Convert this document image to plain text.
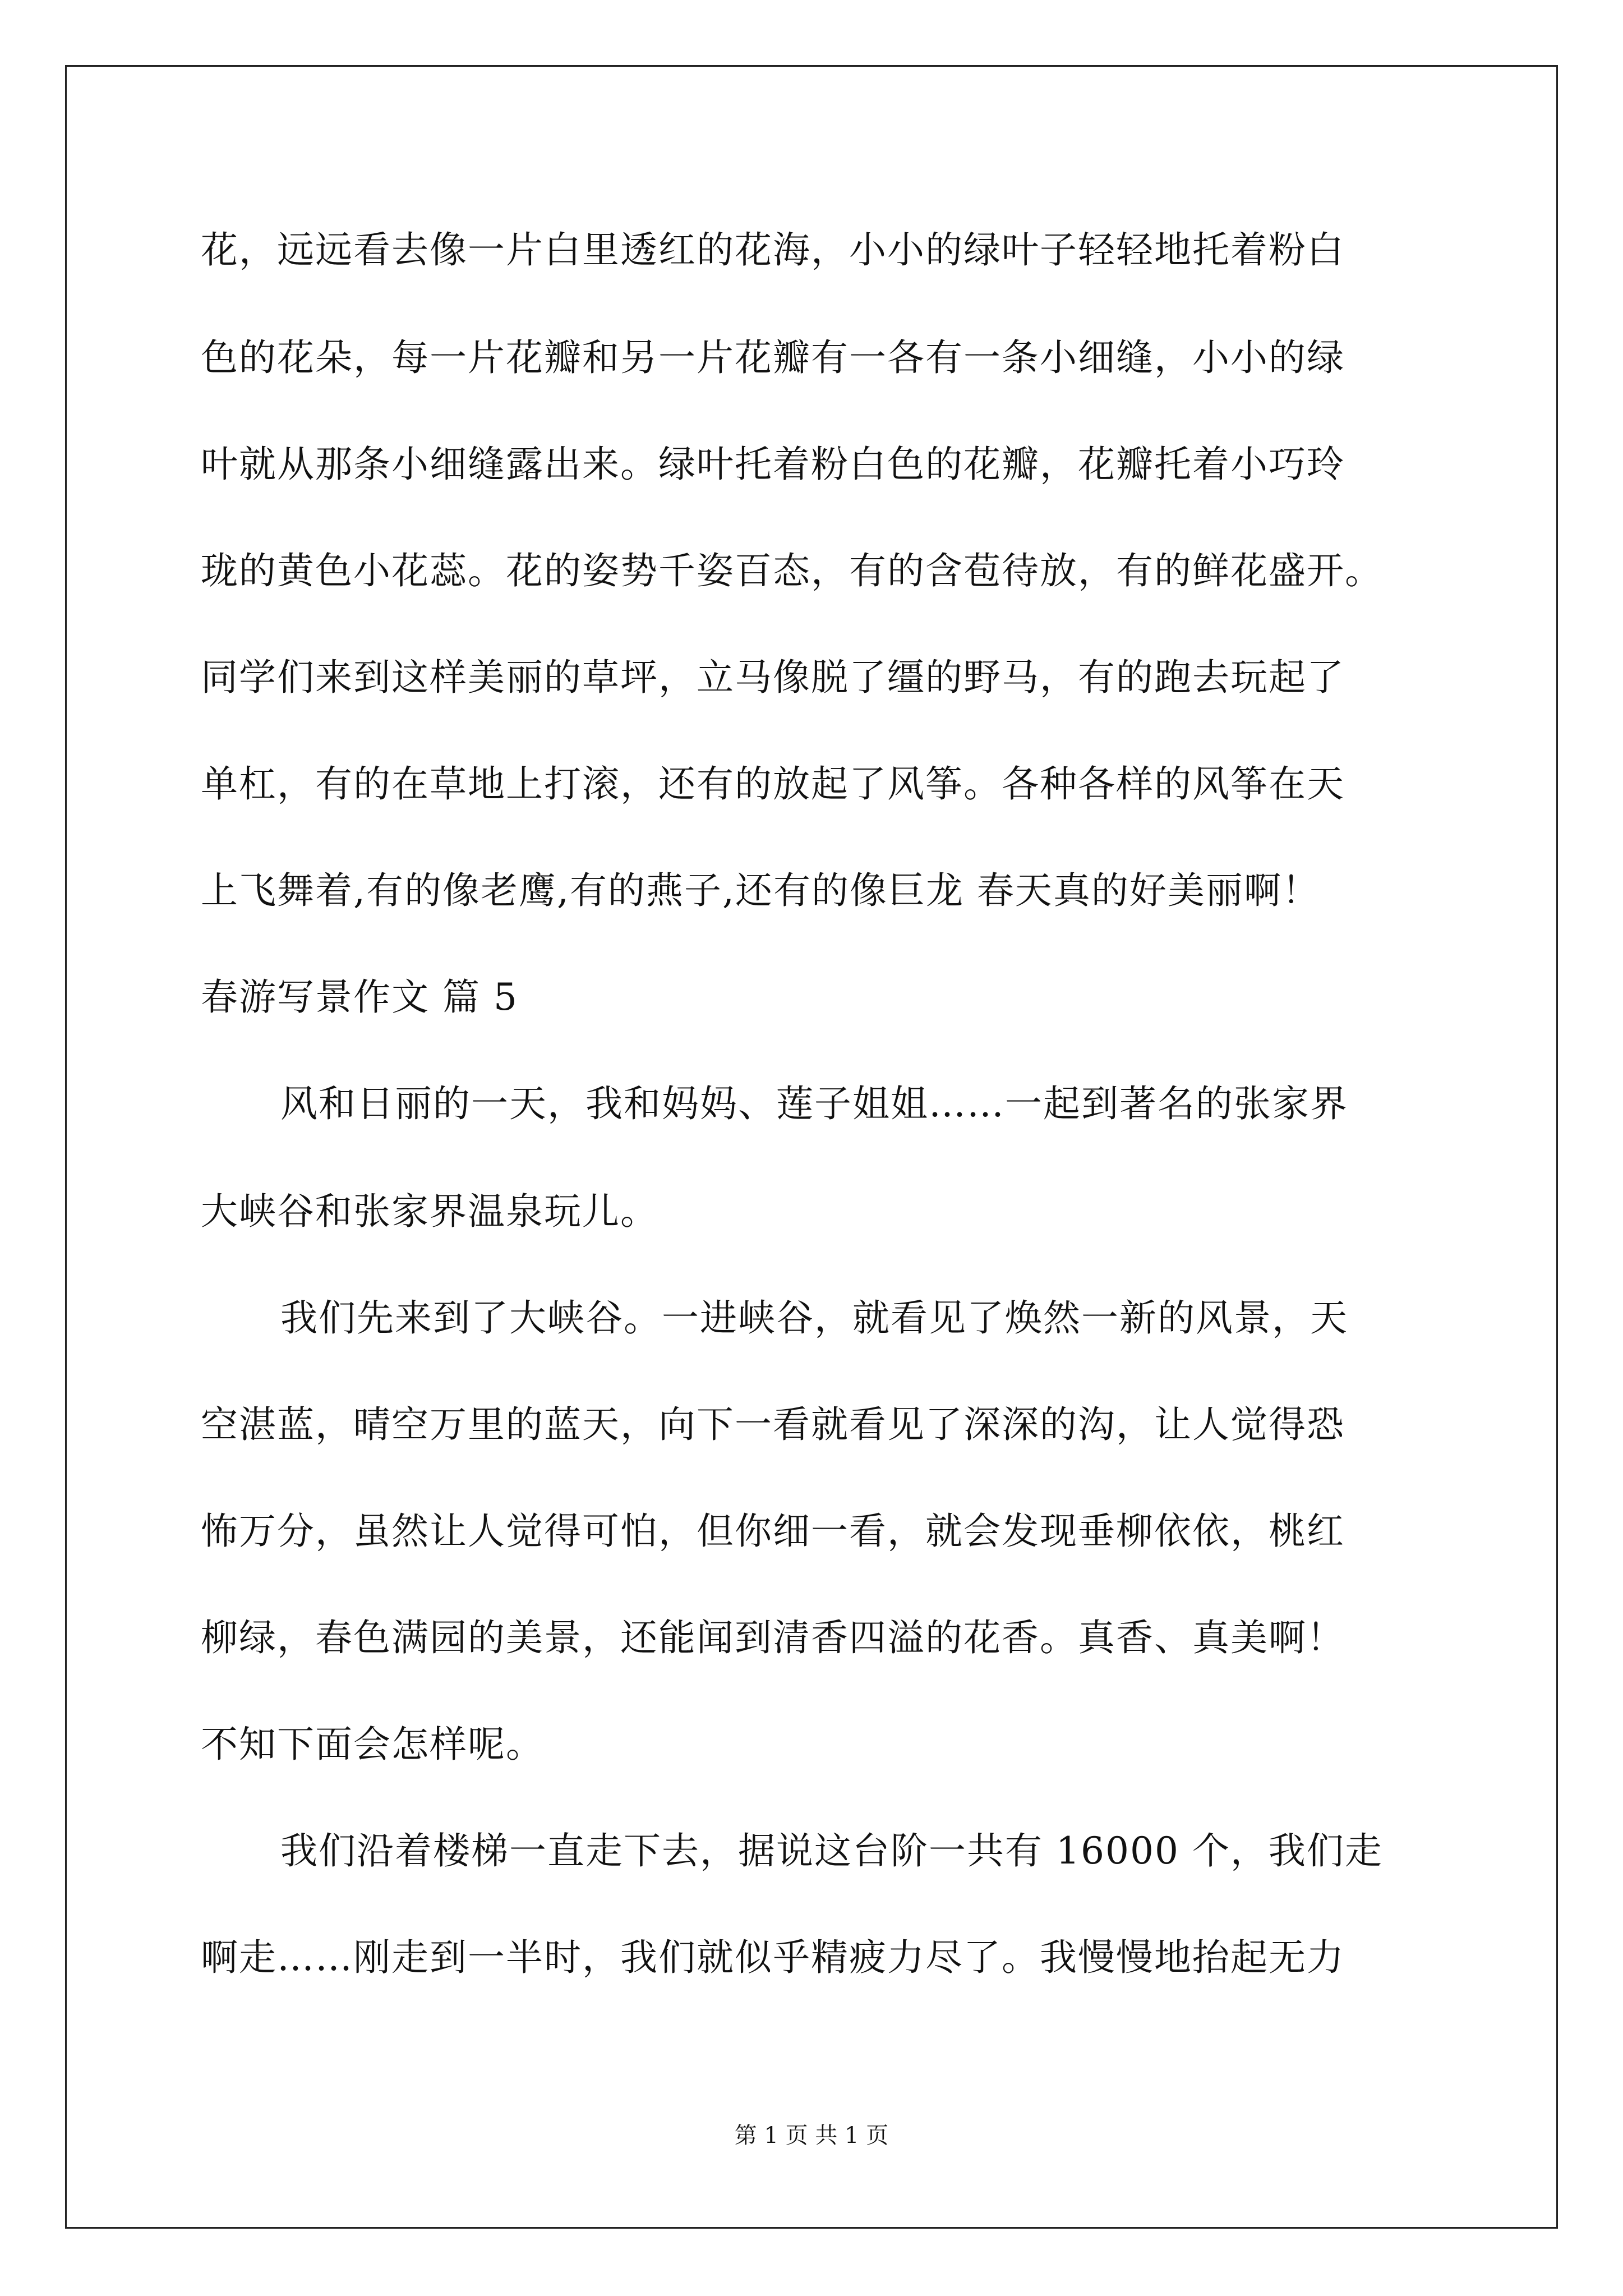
花，远远看去像一片白里透红的花海，小小的绿叶子轻轻地托着粉白
色的花朵，每一片花瓣和另一片花瓣有一各有一条小细缝，小小的绿
叶就从那条小细缝露出来。绿叶托着粉白色的花瓣，花瓣托着小巧玲
珑的黄色小花蕊。花的姿势千姿百态，有的含苞待放，有的鲜花盛开。
同学们来到这样美丽的草坪，立马像脱了缰的野马，有的跑去玩起了
单杠，有的在草地上打滚，还有的放起了风筝。各种各样的风筝在天
上飞舞着,有的像老鹰,有的燕子,还有的像巨龙 春天真的好美丽啊！
春游写景作文 篇 5
风和日丽的一天，我和妈妈、莲子姐姐……一起到著名的张家界
大峡谷和张家界温泉玩儿。
我们先来到了大峡谷。一进峡谷，就看见了焕然一新的风景，天
空湛蓝，晴空万里的蓝天，向下一看就看见了深深的沟，让人觉得恐
怖万分，虽然让人觉得可怕，但你细一看，就会发现垂柳依依，桃红
柳绿，春色满园的美景，还能闻到清香四溢的花香。真香、真美啊！
不知下面会怎样呢。
我们沿着楼梯一直走下去，据说这台阶一共有 16000 个，我们走
啊走……刚走到一半时，我们就似乎精疲力尽了。我慢慢地抬起无力
第 1 页 共 1 页
